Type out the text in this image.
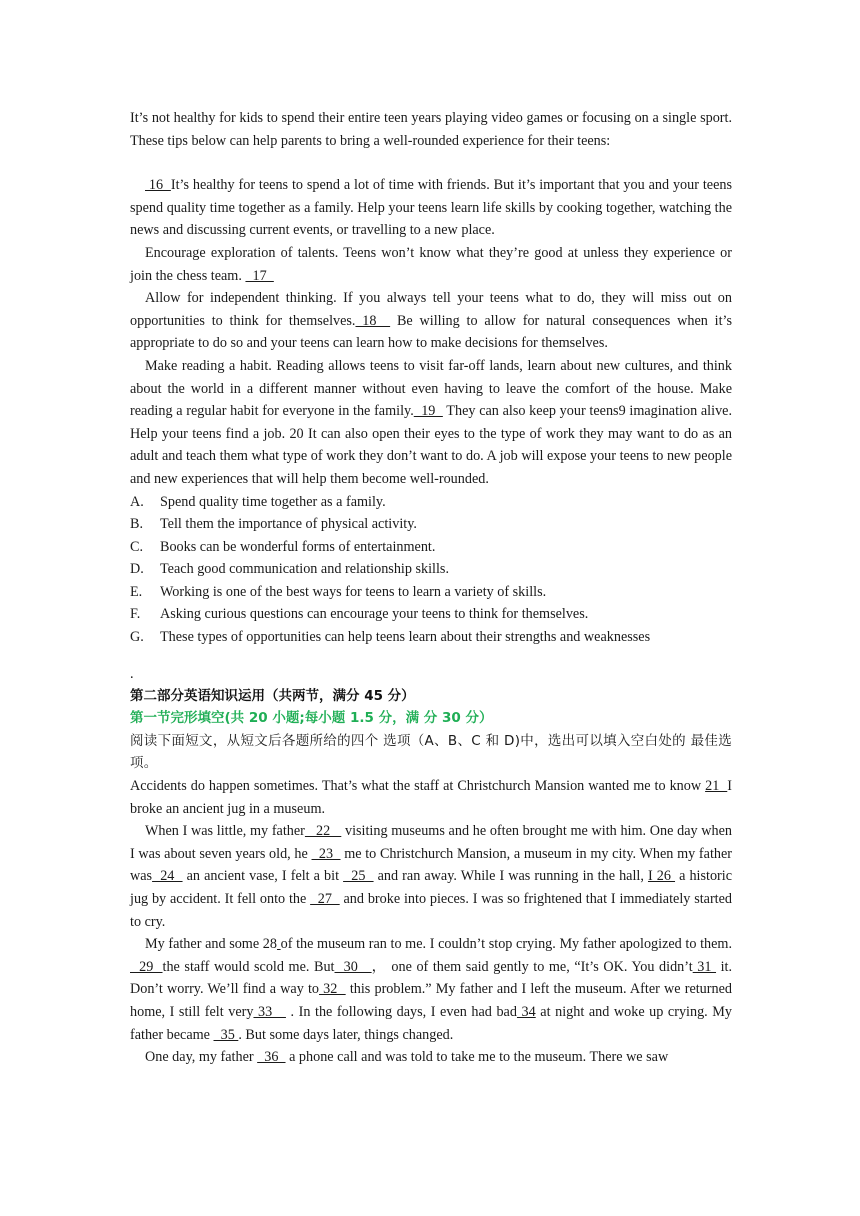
It’s not healthy for kids to spend their entire teen years playing video games or focusing on a single sport. These tips below can help parents to bring a well-rounded experience for their teens:

16  It’s healthy for teens to spend a lot of time with friends. But it’s important that you and your teens spend quality time together as a family. Help your teens learn life skills by cooking together, watching the news and discussing current events, or travelling to a new place.

Encourage exploration of talents. Teens won’t know what they’re good at unless they experience or join the chess team.   17

Allow for independent thinking. If you always tell your teens what to do, they will miss out on opportunities to think for themselves. 18   Be willing to allow for natural consequences when it’s appropriate to do so and your teens can learn how to make decisions for themselves.

Make reading a habit. Reading allows teens to visit far-off lands, learn about new cultures, and think about the world in a different manner without even having to leave the comfort of the house. Make reading a regular habit for everyone in the family.  19   They can also keep your teens9 imagination alive. Help your teens find a job. 20 It can also open their eyes to the type of work they may want to do as an adult and teach them what type of work they don’t want to do. A job will expose your teens to new people and new experiences that will help them become well-rounded.

A.	Spend quality time together as a family.
B.	Tell them the importance of physical activity.
C.	Books can be wonderful forms of entertainment.
D.	Teach good communication and relationship skills.
E.	Working is one of the best ways for teens to learn a variety of skills.
F.	Asking curious questions can encourage your teens to think for themselves.
G.	These types of opportunities can help teens learn about their strengths and weaknesses
.

第二部分英语知识运用（共两节，满分 45 分）

第一节完形填空(共 20 小题;每小题 1.5 分，满 分 30 分）

阅读下面短文，从短文后各题所给的四个 选项（A、B、C 和 D)中，选出可以填入空白处的 最佳选项。

Accidents do happen sometimes. That’s what the staff at Christchurch Mansion wanted me to know 21  I broke an ancient jug in a museum.

When I was little, my father   22    visiting museums and he often brought me with him. One day when I was about seven years old, he   23   me to Christchurch Mansion, a museum in my city. When my father was  24   an ancient vase, I felt a bit   25   and ran away. While I was running in the hall, I 26  a historic jug by accident. It fell onto the   27   and broke into pieces. I was so frightened that I immediately started to cry.

My father and some 28 of the museum ran to me. I couldn’t stop crying. My father apologized to them.   29  the staff would scold me. But  30   ， one of them said gently to me, “It’s OK. You didn’t 31  it. Don’t worry. We’ll find a way to 32   this problem.” My father and I left the museum. After we returned home, I still felt very 33    . In the following days, I even had bad 34 at night and woke up crying. My father became   35 . But some days later, things changed.

One day, my father   36   a phone call and was told to take me to the museum. There we saw
